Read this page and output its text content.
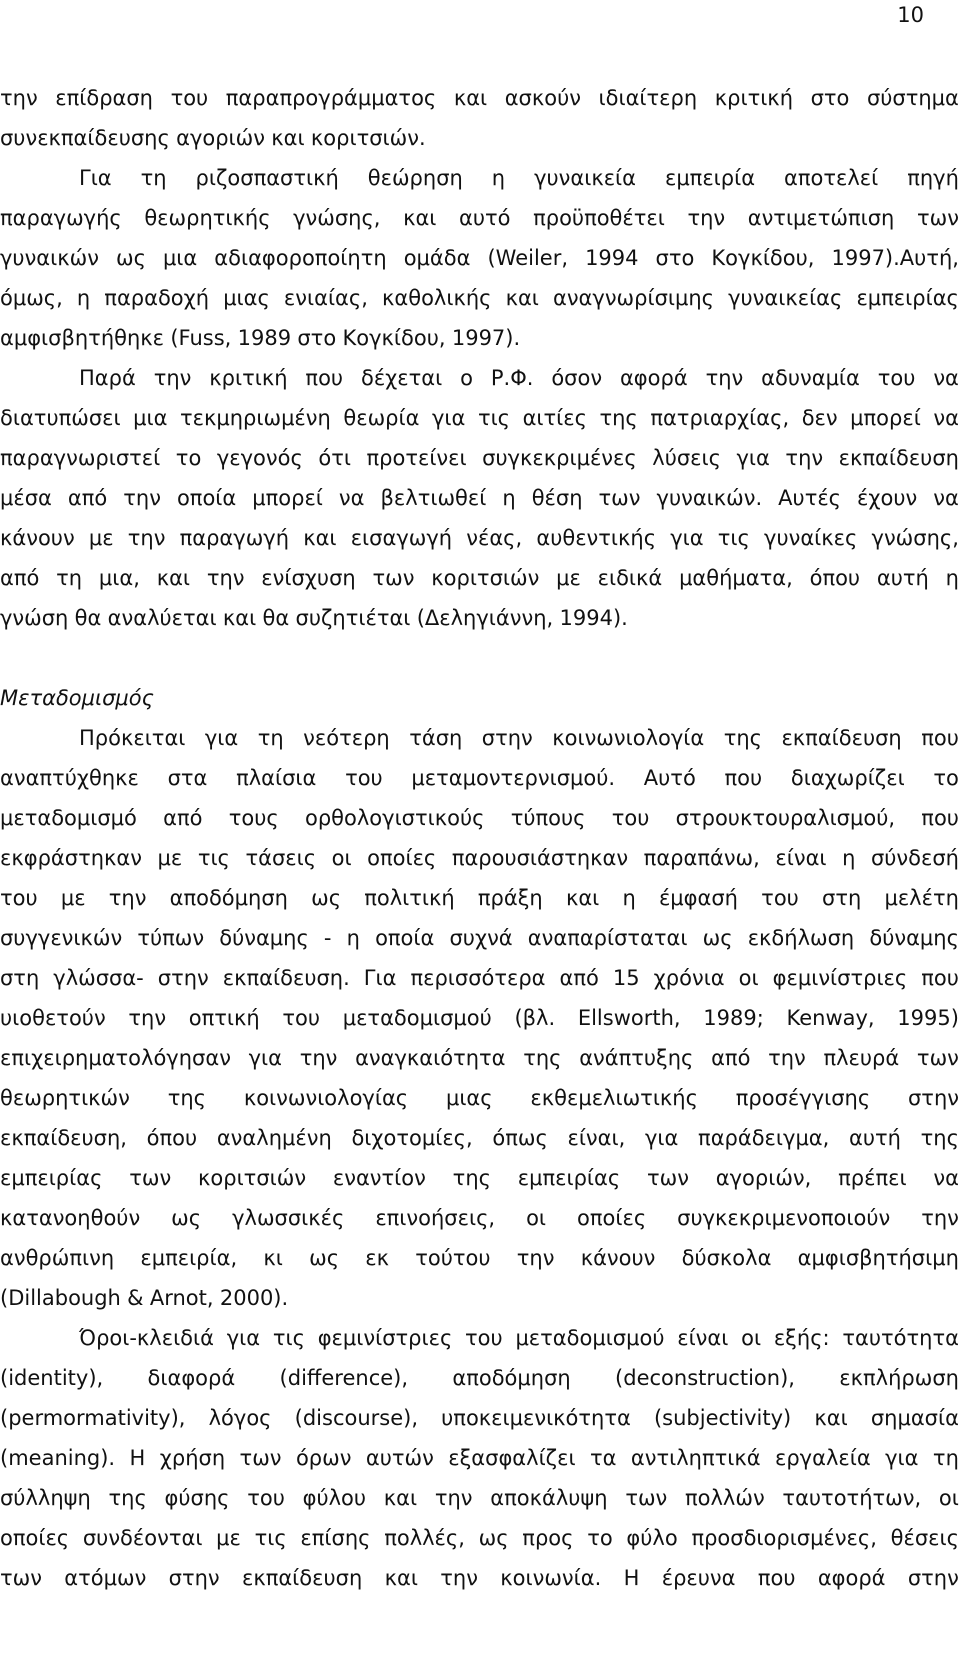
10
την επίδραση του παραπρογράμματος και ασκούν ιδιαίτερη κριτική στο σύστημα
συνεκπαίδευσης αγοριών και κοριτσιών.
Για τη ριζοσπαστική θεώρηση η γυναικεία εμπειρία αποτελεί πηγή
παραγωγής θεωρητικής γνώσης, και αυτό προϋποθέτει την αντιμετώπιση των
γυναικών ως μια αδιαφοροποίητη ομάδα (Weiler, 1994 στο Κογκίδου, 1997).Αυτή,
όμως, η παραδοχή μιας ενιαίας, καθολικής και αναγνωρίσιμης γυναικείας εμπειρίας
αμφισβητήθηκε (Fuss, 1989 στο Κογκίδου, 1997).
Παρά την κριτική που δέχεται ο Ρ.Φ. όσον αφορά την αδυναμία του να
διατυπώσει μια τεκμηριωμένη θεωρία για τις αιτίες της πατριαρχίας, δεν μπορεί να
παραγνωριστεί το γεγονός ότι προτείνει συγκεκριμένες λύσεις για την εκπαίδευση
μέσα από την οποία μπορεί να βελτιωθεί η θέση των γυναικών. Αυτές έχουν να
κάνουν με την παραγωγή και εισαγωγή νέας, αυθεντικής για τις γυναίκες γνώσης,
από τη μια, και την ενίσχυση των κοριτσιών με ειδικά μαθήματα, όπου αυτή η
γνώση θα αναλύεται και θα συζητιέται (Δεληγιάννη, 1994).
Μεταδομισμός
Πρόκειται για τη νεότερη τάση στην κοινωνιολογία της εκπαίδευση που
αναπτύχθηκε στα πλαίσια του μεταμοντερνισμού. Αυτό που διαχωρίζει το
μεταδομισμό από τους ορθολογιστικούς τύπους του στρουκτουραλισμού, που
εκφράστηκαν με τις τάσεις οι οποίες παρουσιάστηκαν παραπάνω, είναι η σύνδεσή
του με την αποδόμηση ως πολιτική πράξη και η έμφασή του στη μελέτη
συγγενικών τύπων δύναμης - η οποία συχνά αναπαρίσταται ως εκδήλωση δύναμης
στη γλώσσα- στην εκπαίδευση. Για περισσότερα από 15 χρόνια οι φεμινίστριες που
υιοθετούν την οπτική του μεταδομισμού (βλ. Ellsworth, 1989; Kenway, 1995)
επιχειρηματολόγησαν για την αναγκαιότητα της ανάπτυξης από την πλευρά των
θεωρητικών της κοινωνιολογίας μιας εκθεμελιωτικής προσέγγισης στην
εκπαίδευση, όπου αναλημένη διχοτομίες, όπως είναι, για παράδειγμα, αυτή της
εμπειρίας των κοριτσιών εναντίον της εμπειρίας των αγοριών, πρέπει να
κατανοηθούν ως γλωσσικές επινοήσεις, οι οποίες συγκεκριμενοποιούν την
ανθρώπινη εμπειρία, κι ως εκ τούτου την κάνουν δύσκολα αμφισβητήσιμη
(Dillabough & Arnot, 2000).
Όροι-κλειδιά για τις φεμινίστριες του μεταδομισμού είναι οι εξής: ταυτότητα
(identity), διαφορά (difference), αποδόμηση (deconstruction), εκπλήρωση
(permormativity), λόγος (discourse), υποκειμενικότητα (subjectivity) και σημασία
(meaning). Η χρήση των όρων αυτών εξασφαλίζει τα αντιληπτικά εργαλεία για τη
σύλληψη της φύσης του φύλου και την αποκάλυψη των πολλών ταυτοτήτων, οι
οποίες συνδέονται με τις επίσης πολλές, ως προς το φύλο προσδιορισμένες, θέσεις
των ατόμων στην εκπαίδευση και την κοινωνία. Η έρευνα που αφορά στην
